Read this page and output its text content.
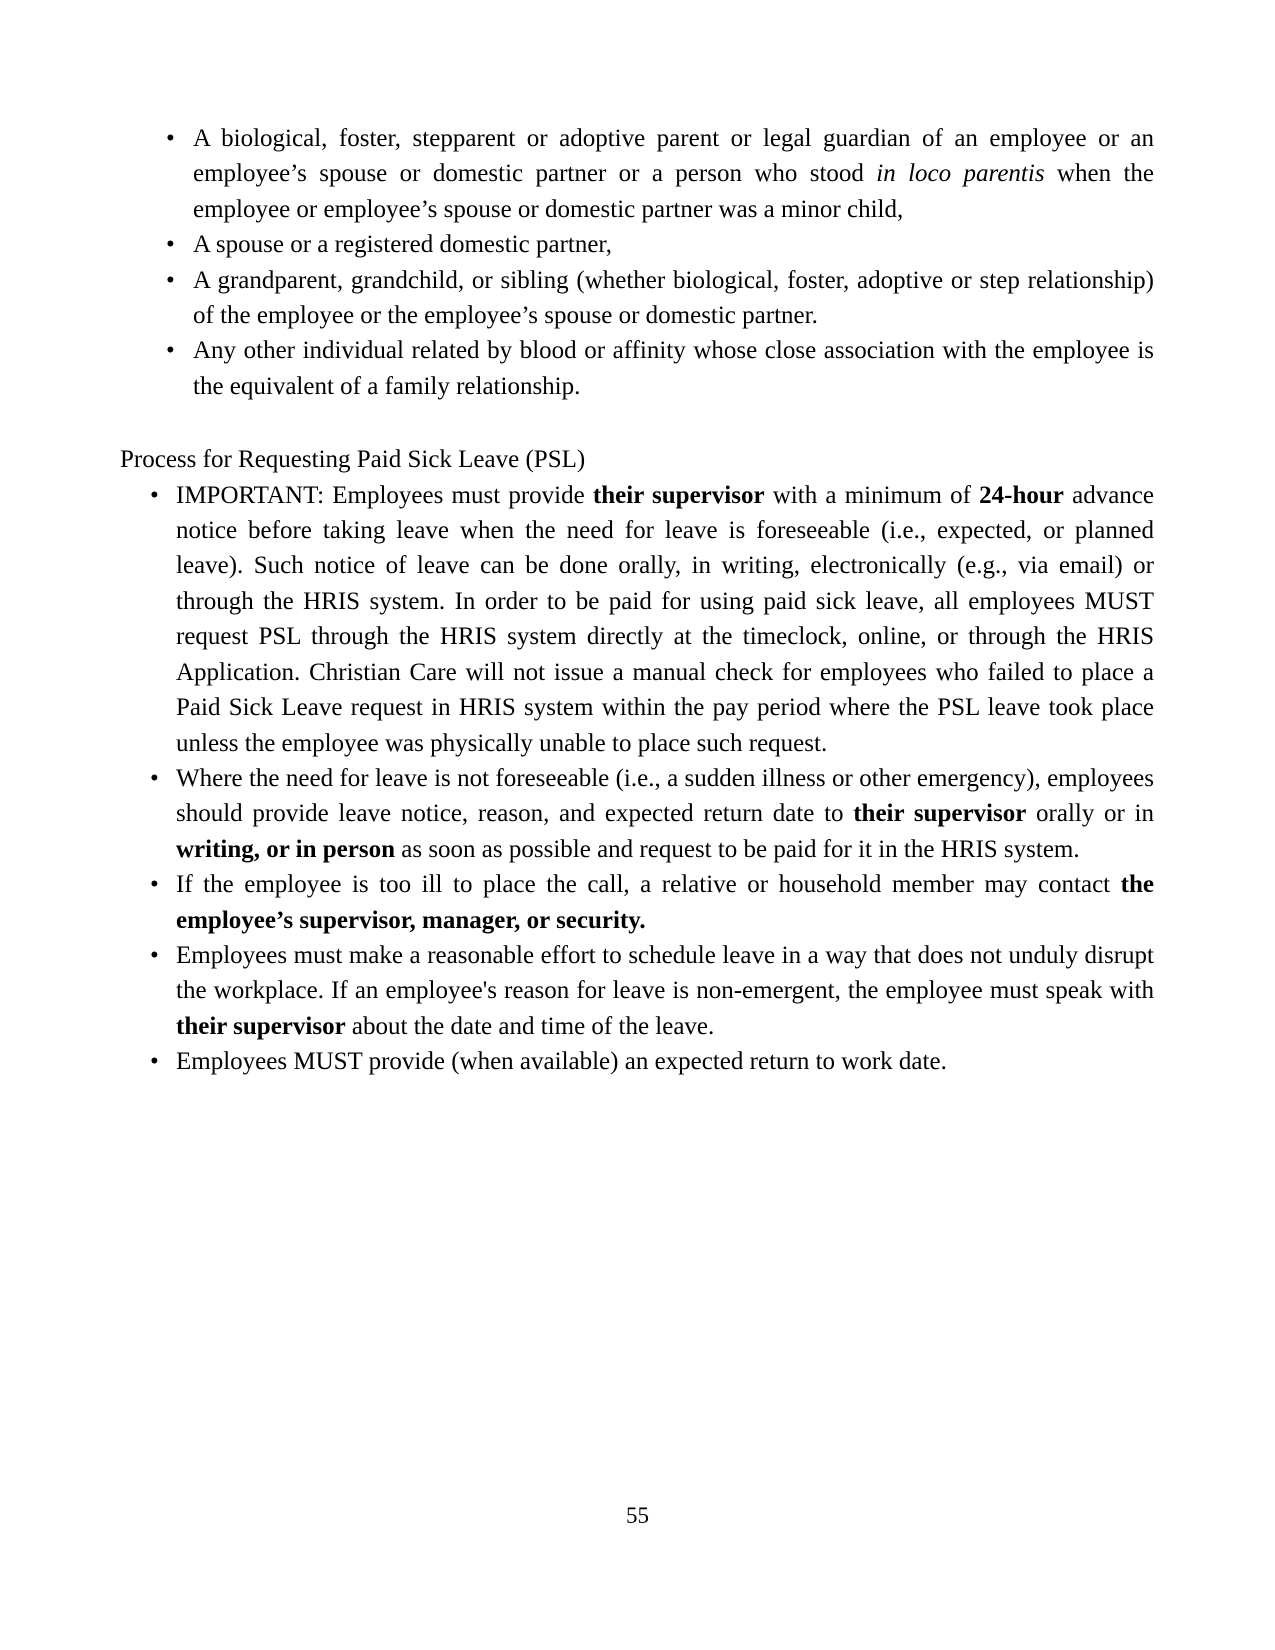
• A biological, foster, stepparent or adoptive parent or legal guardian of an employee or an employee’s spouse or domestic partner or a person who stood in loco parentis when the employee or employee’s spouse or domestic partner was a minor child,
• A spouse or a registered domestic partner,
• A grandparent, grandchild, or sibling (whether biological, foster, adoptive or step relationship) of the employee or the employee’s spouse or domestic partner.
• Any other individual related by blood or affinity whose close association with the employee is the equivalent of a family relationship.

Process for Requesting Paid Sick Leave (PSL)

• IMPORTANT: Employees must provide their supervisor with a minimum of 24-hour advance notice before taking leave when the need for leave is foreseeable (i.e., expected, or planned leave). Such notice of leave can be done orally, in writing, electronically (e.g., via email) or through the HRIS system. In order to be paid for using paid sick leave, all employees MUST request PSL through the HRIS system directly at the timeclock, online, or through the HRIS Application. Christian Care will not issue a manual check for employees who failed to place a Paid Sick Leave request in HRIS system within the pay period where the PSL leave took place unless the employee was physically unable to place such request.
• Where the need for leave is not foreseeable (i.e., a sudden illness or other emergency), employees should provide leave notice, reason, and expected return date to their supervisor orally or in writing, or in person as soon as possible and request to be paid for it in the HRIS system.
• If the employee is too ill to place the call, a relative or household member may contact the employee’s supervisor, manager, or security.
• Employees must make a reasonable effort to schedule leave in a way that does not unduly disrupt the workplace. If an employee's reason for leave is non-emergent, the employee must speak with their supervisor about the date and time of the leave.
• Employees MUST provide (when available) an expected return to work date.
55
